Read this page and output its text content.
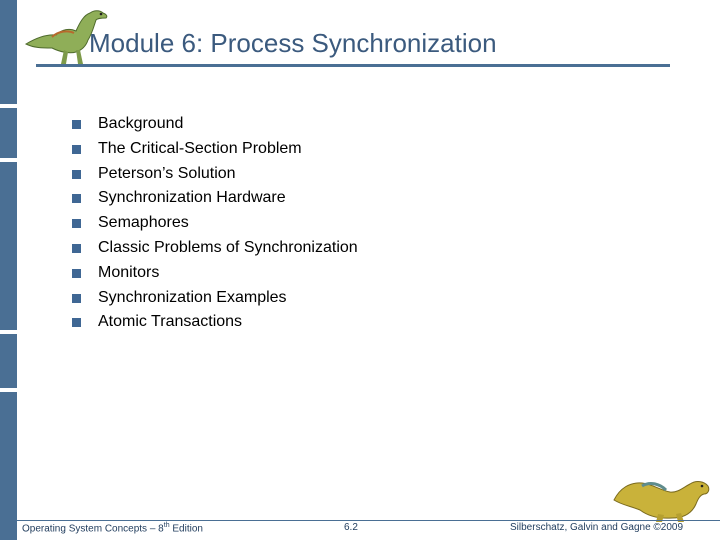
Module 6: Process Synchronization
Background
The Critical-Section Problem
Peterson’s Solution
Synchronization Hardware
Semaphores
Classic Problems of Synchronization
Monitors
Synchronization Examples
Atomic Transactions
Operating System Concepts – 8th Edition	6.2	Silberschatz, Galvin and Gagne ©2009
